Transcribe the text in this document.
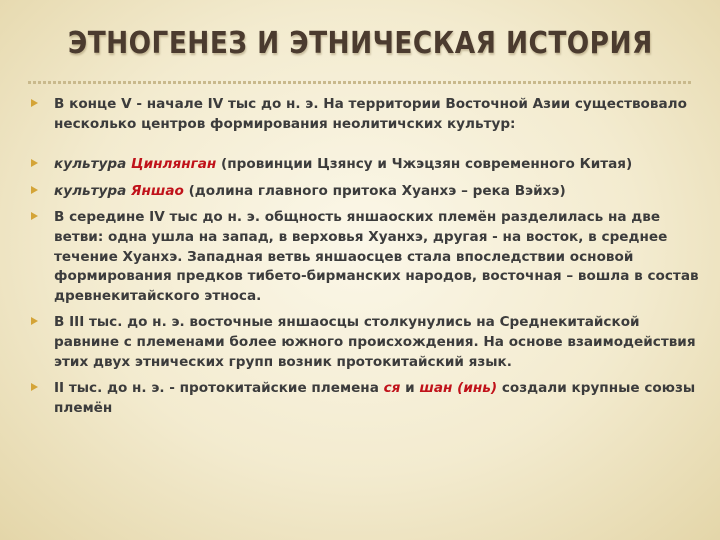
ЭТНОГЕНЕЗ И ЭТНИЧЕСКАЯ ИСТОРИЯ
В конце V - начале IV тыс до н. э. На территории Восточной Азии существовало несколько центров формирования неолитичских культур:
культура Цинлянган (провинции Цзянсу и Чжэцзян современного Китая)
культура Яншао (долина главного притока Хуанхэ – река Вэйхэ)
В середине IV тыс до н. э. общность яншаоских племён разделилась на две ветви: одна ушла на запад, в верховья Хуанхэ, другая - на восток, в среднее течение Хуанхэ. Западная ветвь яншаосцев стала впоследствии основой формирования предков тибето-бирманских народов, восточная – вошла в состав древнекитайского этноса.
В III тыс. до н. э. восточные яншаосцы столкунулись на Среднекитайской равнине с племенами более южного происхождения. На основе взаимодействия этих двух этнических групп возник протокитайский язык.
II тыс. до н. э. - протокитайские племена ся и шан (инь) создали крупные союзы племён
